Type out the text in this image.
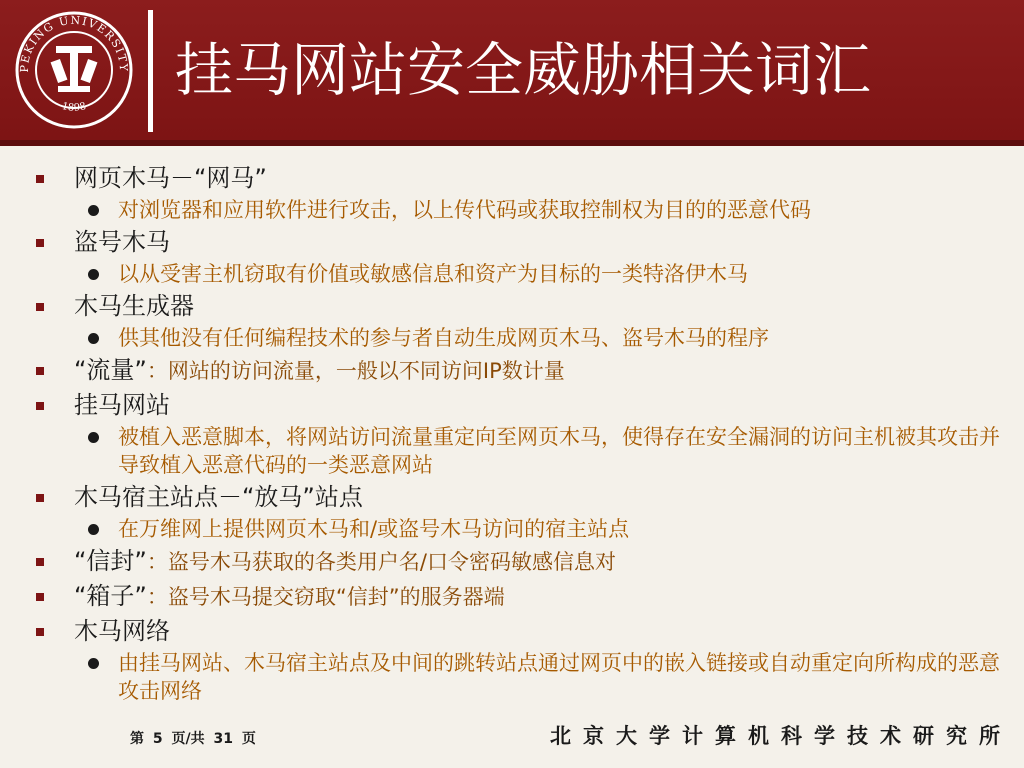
PEKING UNIVERSITY
1898
挂马网站安全威胁相关词汇
网页木马－“网马”
对浏览器和应用软件进行攻击，以上传代码或获取控制权为目的的恶意代码
盗号木马
以从受害主机窃取有价值或敏感信息和资产为目标的一类特洛伊木马
木马生成器
供其他没有任何编程技术的参与者自动生成网页木马、盗号木马的程序
“流量”：网站的访问流量，一般以不同访问IP数计量
挂马网站
被植入恶意脚本，将网站访问流量重定向至网页木马，使得存在安全漏洞的访问主机被其攻击并导致植入恶意代码的一类恶意网站
木马宿主站点－“放马”站点
在万维网上提供网页木马和/或盗号木马访问的宿主站点
“信封”：盗号木马获取的各类用户名/口令密码敏感信息对
“箱子”：盗号木马提交窃取“信封”的服务器端
木马网络
由挂马网站、木马宿主站点及中间的跳转站点通过网页中的嵌入链接或自动重定向所构成的恶意攻击网络
第 5 页/共 31 页	北京大学计算机科学技术研究所
